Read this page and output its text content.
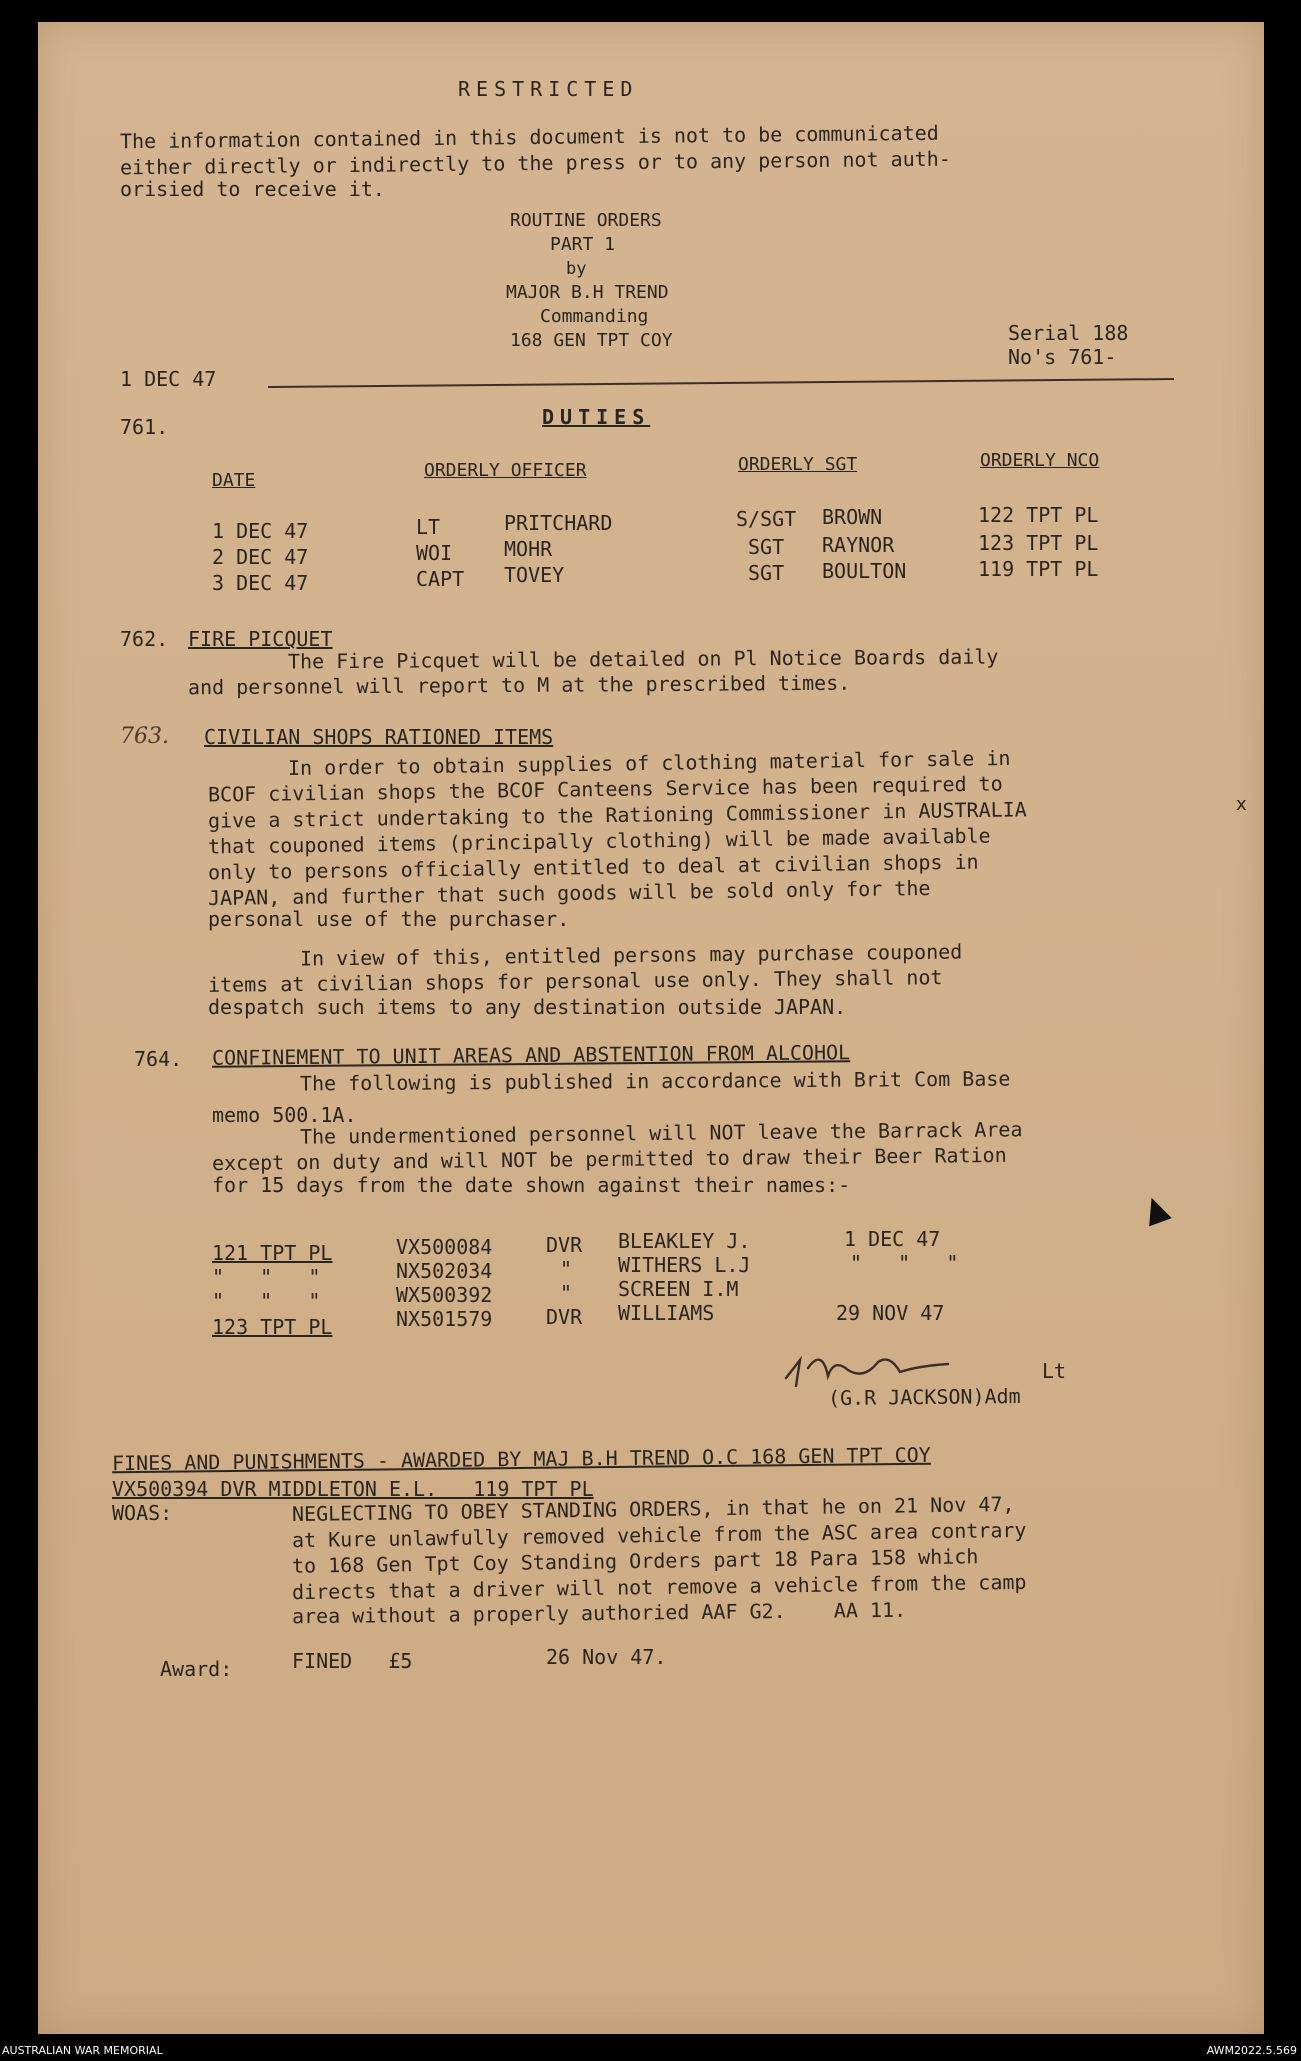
RESTRICTED
The information contained in this document is not to be communicated
either directly or indirectly to the press or to any person not auth-
orisied to receive it.
ROUTINE ORDERS
PART 1
by
MAJOR B.H TREND
Commanding
168 GEN TPT COY	Serial 188
No's 761-
1 DEC 47
761.	DUTIES
DATE	ORDERLY OFFICER	ORDERLY SGT	ORDERLY NCO
1 DEC 47	LT	PRITCHARD	S/SGT BROWN	122 TPT PL
2 DEC 47	WOI	MOHR	SGT RAYNOR	123 TPT PL
3 DEC 47	CAPT TOVEY	SGT BOULTON	119 TPT PL
762. FIRE PICQUET
The Fire Picquet will be detailed on Pl Notice Boards daily
and personnel will report to M at the prescribed times.
763. CIVILIAN SHOPS RATIONED ITEMS
In order to obtain supplies of clothing material for sale in
BCOF civilian shops the BCOF Canteens Service has been required to
give a strict undertaking to the Rationing Commissioner in AUSTRALIA
that couponed items (principally clothing) will be made available
only to persons officially entitled to deal at civilian shops in
JAPAN, and further that such goods will be sold only for the
personal use of the purchaser.
x
In view of this, entitled persons may purchase couponed
items at civilian shops for personal use only. They shall not
despatch such items to any destination outside JAPAN.
764. CONFINEMENT TO UNIT AREAS AND ABSTENTION FROM ALCOHOL
The following is published in accordance with Brit Com Base
memo 500.1A.
The undermentioned personnel will NOT leave the Barrack Area
except on duty and will NOT be permitted to draw their Beer Ration
for 15 days from the date shown against their names:-
121 TPT PL	VX500084	DVR BLEAKLEY J.	1 DEC 47
"   "   "	NX502034	" WITHERS L.J	"   "   "
"   "   "	WX500392	" SCREEN I.M
123 TPT PL	NX501579	DVR WILLIAMS	29 NOV 47
Lt
(G.R JACKSON)Adm
FINES AND PUNISHMENTS - AWARDED BY MAJ B.H TREND O.C 168 GEN TPT COY
VX500394 DVR MIDDLETON E.L.   119 TPT PL
WOAS:	NEGLECTING TO OBEY STANDING ORDERS, in that he on 21 Nov 47,
at Kure unlawfully removed vehicle from the ASC area contrary
to 168 Gen Tpt Coy Standing Orders part 18 Para 158 which
directs that a driver will not remove a vehicle from the camp
area without a properly authoried AAF G2.    AA 11.
Award:	FINED   £5	26 Nov 47.
AUSTRALIAN WAR MEMORIAL	AWM2022.5.569
